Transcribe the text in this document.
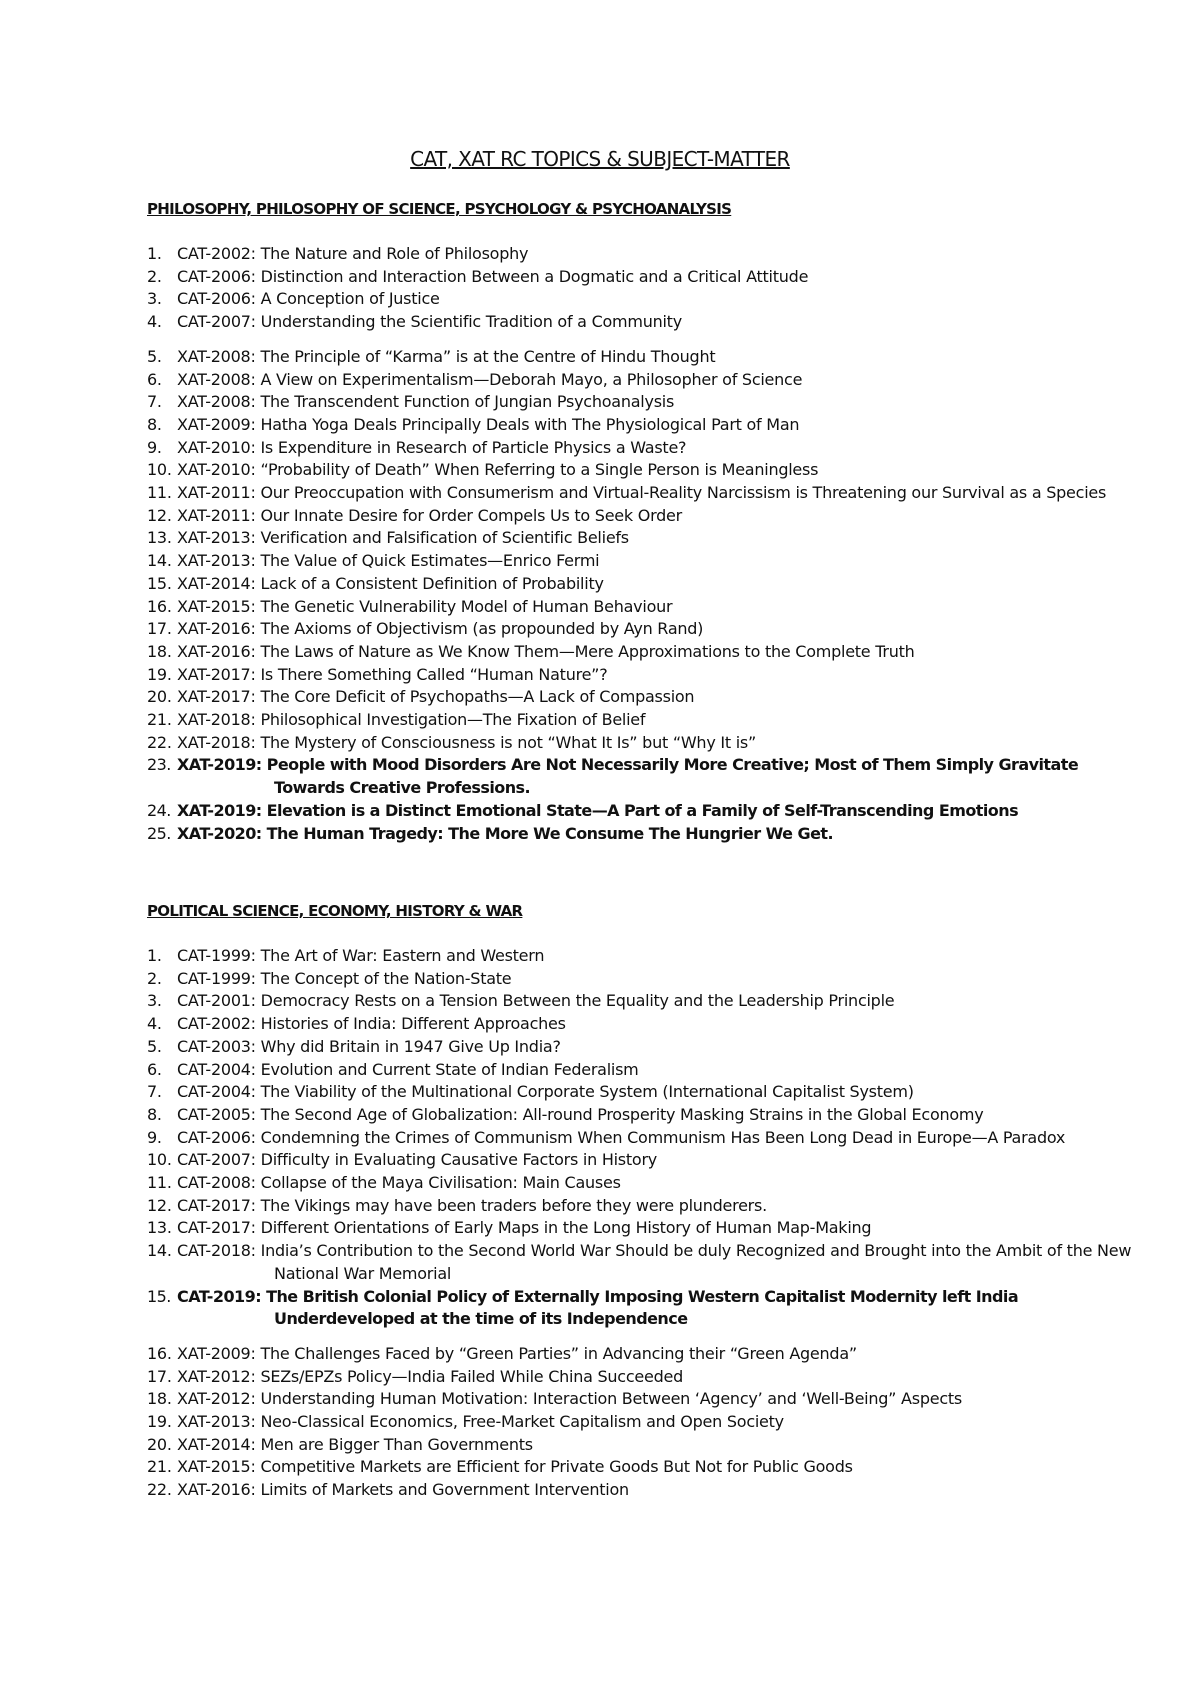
CAT, XAT RC TOPICS & SUBJECT-MATTER
PHILOSOPHY, PHILOSOPHY OF SCIENCE, PSYCHOLOGY & PSYCHOANALYSIS
1. CAT-2002: The Nature and Role of Philosophy
2. CAT-2006: Distinction and Interaction Between a Dogmatic and a Critical Attitude
3. CAT-2006: A Conception of Justice
4. CAT-2007: Understanding the Scientific Tradition of a Community
5. XAT-2008: The Principle of “Karma” is at the Centre of Hindu Thought
6. XAT-2008: A View on Experimentalism—Deborah Mayo, a Philosopher of Science
7. XAT-2008: The Transcendent Function of Jungian Psychoanalysis
8. XAT-2009: Hatha Yoga Deals Principally Deals with The Physiological Part of Man
9. XAT-2010: Is Expenditure in Research of Particle Physics a Waste?
10. XAT-2010: “Probability of Death” When Referring to a Single Person is Meaningless
11. XAT-2011: Our Preoccupation with Consumerism and Virtual-Reality Narcissism is Threatening our Survival as a Species
12. XAT-2011: Our Innate Desire for Order Compels Us to Seek Order
13. XAT-2013: Verification and Falsification of Scientific Beliefs
14. XAT-2013: The Value of Quick Estimates—Enrico Fermi
15. XAT-2014: Lack of a Consistent Definition of Probability
16. XAT-2015: The Genetic Vulnerability Model of Human Behaviour
17. XAT-2016: The Axioms of Objectivism (as propounded by Ayn Rand)
18. XAT-2016: The Laws of Nature as We Know Them—Mere Approximations to the Complete Truth
19. XAT-2017: Is There Something Called “Human Nature”?
20. XAT-2017: The Core Deficit of Psychopaths—A Lack of Compassion
21. XAT-2018: Philosophical Investigation—The Fixation of Belief
22. XAT-2018: The Mystery of Consciousness is not “What It Is” but “Why It is”
23. XAT-2019: People with Mood Disorders Are Not Necessarily More Creative; Most of Them Simply Gravitate Towards Creative Professions.
24. XAT-2019: Elevation is a Distinct Emotional State—A Part of a Family of Self-Transcending Emotions
25. XAT-2020: The Human Tragedy: The More We Consume The Hungrier We Get.
POLITICAL SCIENCE, ECONOMY, HISTORY & WAR
1. CAT-1999: The Art of War: Eastern and Western
2. CAT-1999: The Concept of the Nation-State
3. CAT-2001: Democracy Rests on a Tension Between the Equality and the Leadership Principle
4. CAT-2002: Histories of India: Different Approaches
5. CAT-2003: Why did Britain in 1947 Give Up India?
6. CAT-2004: Evolution and Current State of Indian Federalism
7. CAT-2004: The Viability of the Multinational Corporate System (International Capitalist System)
8. CAT-2005: The Second Age of Globalization: All-round Prosperity Masking Strains in the Global Economy
9. CAT-2006: Condemning the Crimes of Communism When Communism Has Been Long Dead in Europe—A Paradox
10. CAT-2007: Difficulty in Evaluating Causative Factors in History
11. CAT-2008: Collapse of the Maya Civilisation: Main Causes
12. CAT-2017: The Vikings may have been traders before they were plunderers.
13. CAT-2017: Different Orientations of Early Maps in the Long History of Human Map-Making
14. CAT-2018: India’s Contribution to the Second World War Should be duly Recognized and Brought into the Ambit of the New National War Memorial
15. CAT-2019: The British Colonial Policy of Externally Imposing Western Capitalist Modernity left India Underdeveloped at the time of its Independence
16. XAT-2009: The Challenges Faced by “Green Parties” in Advancing their “Green Agenda”
17. XAT-2012: SEZs/EPZs Policy—India Failed While China Succeeded
18. XAT-2012: Understanding Human Motivation: Interaction Between ‘Agency’ and ‘Well-Being” Aspects
19. XAT-2013: Neo-Classical Economics, Free-Market Capitalism and Open Society
20. XAT-2014: Men are Bigger Than Governments
21. XAT-2015: Competitive Markets are Efficient for Private Goods But Not for Public Goods
22. XAT-2016: Limits of Markets and Government Intervention
